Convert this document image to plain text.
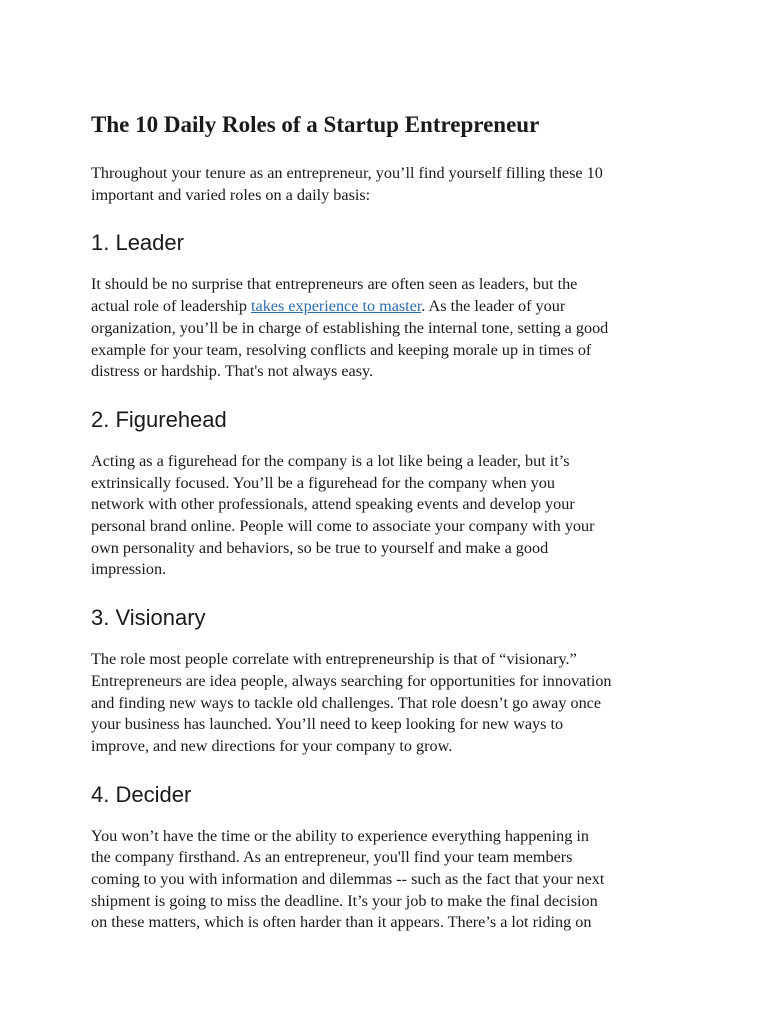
The 10 Daily Roles of a Startup Entrepreneur

Throughout your tenure as an entrepreneur, you’ll find yourself filling these 10
important and varied roles on a daily basis:

1. Leader

It should be no surprise that entrepreneurs are often seen as leaders, but the
actual role of leadership takes experience to master. As the leader of your
organization, you’ll be in charge of establishing the internal tone, setting a good
example for your team, resolving conflicts and keeping morale up in times of
distress or hardship. That's not always easy.

2. Figurehead

Acting as a figurehead for the company is a lot like being a leader, but it’s
extrinsically focused. You’ll be a figurehead for the company when you
network with other professionals, attend speaking events and develop your
personal brand online. People will come to associate your company with your
own personality and behaviors, so be true to yourself and make a good
impression.

3. Visionary

The role most people correlate with entrepreneurship is that of “visionary.”
Entrepreneurs are idea people, always searching for opportunities for innovation
and finding new ways to tackle old challenges. That role doesn’t go away once
your business has launched. You’ll need to keep looking for new ways to
improve, and new directions for your company to grow.

4. Decider

You won’t have the time or the ability to experience everything happening in
the company firsthand. As an entrepreneur, you'll find your team members
coming to you with information and dilemmas -- such as the fact that your next
shipment is going to miss the deadline. It’s your job to make the final decision
on these matters, which is often harder than it appears. There’s a lot riding on
